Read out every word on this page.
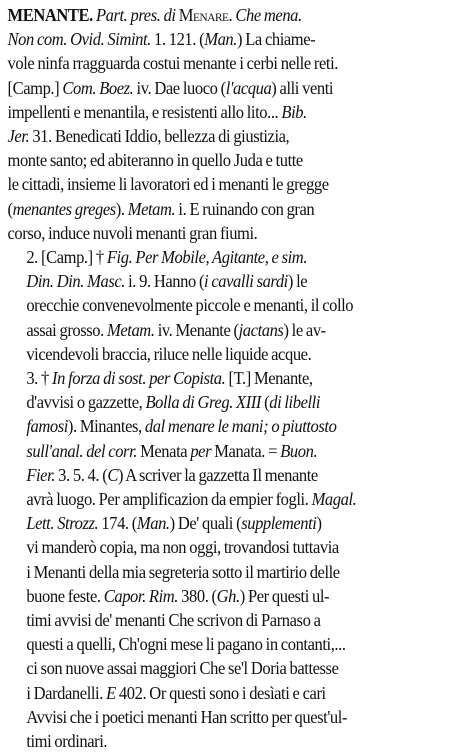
MENANTE. Part. pres. di Menare. Che mena.
Non com. Ovid. Simint. 1. 121. (Man.) La chiame-
vole ninfa rragguarda costui menante i cerbi nelle reti.
[Camp.] Com. Boez. iv. Dae luoco (l'acqua) alli venti
impellenti e menantila, e resistenti allo lito... Bib.
Jer. 31. Benedicati Iddio, bellezza di giustizia,
monte santo; ed abiteranno in quello Juda e tutte
le cittadi, insieme li lavoratori ed i menanti le gregge
(menantes greges). Metam. i. E ruinando con gran
corso, induce nuvoli menanti gran fiumi.
2. [Camp.] † Fig. Per Mobile, Agitante, e sim.
Din. Din. Masc. i. 9. Hanno (i cavalli sardi) le
orecchie convenevolmente piccole e menanti, il collo
assai grosso. Metam. iv. Menante (jactans) le av-
vicendevoli braccia, riluce nelle liquide acque.
3. † In forza di sost. per Copista. [T.] Menante,
d'avvisi o gazzette, Bolla di Greg. XIII (di libelli
famosi). Minantes, dal menare le mani; o piuttosto
sull'anal. del corr. Menata per Manata. = Buon.
Fier. 3. 5. 4. (C) A scriver la gazzetta Il menante
avrà luogo. Per amplificazion da empier fogli. Magal.
Lett. Strozz. 174. (Man.) De' quali (supplementi)
vi manderò copia, ma non oggi, trovandosi tuttavia
i Menanti della mia segreteria sotto il martirio delle
buone feste. Capor. Rim. 380. (Gh.) Per questi ul-
timi avvisi de' menanti Che scrivon di Parnaso a
questi a quelli, Ch'ogni mese li pagano in contanti,...
ci son nuove assai maggiori Che se'l Doria battesse
i Dardanelli. E 402. Or questi sono i desìati e cari
Avvisi che i poetici menanti Han scritto per quest'ul-
timi ordinari.
